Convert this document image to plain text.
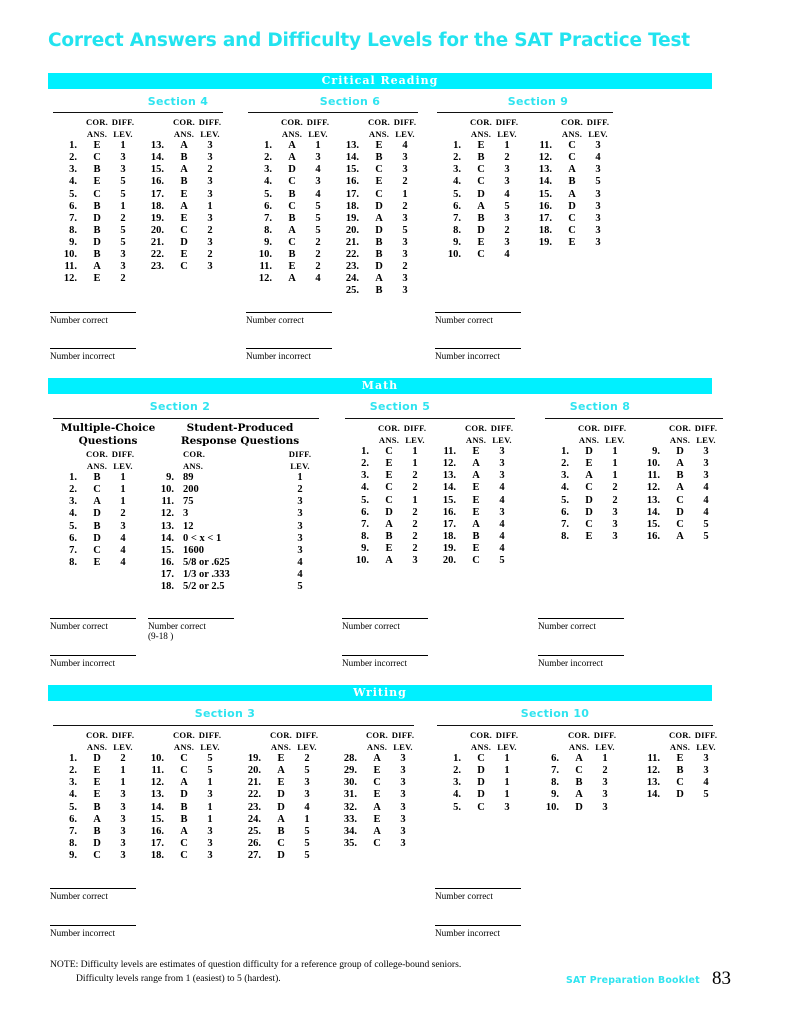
Correct Answers and Difficulty Levels for the SAT Practice Test
Critical Reading
Section 4	Section 6	Section 9
COR. DIFF.
ANS. LEV.
1. E 1
2. C 3
3. B 3
4. E 5
5. C 5
6. B 1
7. D 2
8. B 5
9. D 5
10. B 3
11. A 3
12. E 2
COR. DIFF.
ANS. LEV.
13. A 3
14. B 3
15. A 2
16. B 3
17. E 3
18. A 1
19. E 3
20. C 2
21. D 3
22. E 2
23. C 3
COR. DIFF.
ANS. LEV.
1. A 1
2. A 3
3. D 4
4. C 3
5. B 4
6. C 5
7. B 5
8. A 5
9. C 2
10. B 2
11. E 2
12. A 4
COR. DIFF.
ANS. LEV.
13. E 4
14. B 3
15. C 3
16. E 2
17. C 1
18. D 2
19. A 3
20. D 5
21. B 3
22. B 3
23. D 2
24. A 3
25. B 3
COR. DIFF.
ANS. LEV.
1. E 1
2. B 2
3. C 3
4. C 3
5. D 4
6. A 5
7. B 3
8. D 2
9. E 3
10. C 4
COR. DIFF.
ANS. LEV.
11. C 3
12. C 4
13. A 3
14. B 5
15. A 3
16. D 3
17. C 3
18. C 3
19. E 3
Number correct	Number correct	Number correct
Number incorrect	Number incorrect	Number incorrect
Math
Section 2	Section 5	Section 8
Multiple-Choice
Questions
Student-Produced
Response Questions
COR. DIFF.
ANS. LEV.
1. B 1
2. C 1
3. A 1
4. D 2
5. B 3
6. D 4
7. C 4
8. E 4
COR.	DIFF.
ANS.	LEV.
9. 89	1
10. 200	2
11. 75	3
12. 3	3
13. 12	3
14. 0 < x < 1	3
15. 1600	3
16. 5/8 or .625	4
17. 1/3 or .333	4
18. 5/2 or 2.5	5
COR. DIFF.
ANS. LEV.
1. C 1
2. E 1
3. E 2
4. C 2
5. C 1
6. D 2
7. A 2
8. B 2
9. E 2
10. A 3
COR. DIFF.
ANS. LEV.
11. E 3
12. A 3
13. A 3
14. E 4
15. E 4
16. E 3
17. A 4
18. B 4
19. E 4
20. C 5
COR. DIFF.
ANS. LEV.
1. D 1
2. E 1
3. A 1
4. C 2
5. D 2
6. D 3
7. C 3
8. E 3
COR. DIFF.
ANS. LEV.
9. D 3
10. A 3
11. B 3
12. A 4
13. C 4
14. D 4
15. C 5
16. A 5
Number correct	Number correct
(9-18 )
Number correct	Number correct
Number incorrect	Number incorrect	Number incorrect
Writing
Section 3	Section 10
COR. DIFF.
ANS. LEV.
1. D 2
2. E 1
3. E 1
4. E 3
5. B 3
6. A 3
7. B 3
8. D 3
9. C 3
COR. DIFF.
ANS. LEV.
10. C 5
11. C 5
12. A 1
13. D 3
14. B 1
15. B 1
16. A 3
17. C 3
18. C 3
COR. DIFF.
ANS. LEV.
19. E 2
20. A 5
21. E 3
22. D 3
23. D 4
24. A 1
25. B 5
26. C 5
27. D 5
COR. DIFF.
ANS. LEV.
28. A 3
29. E 3
30. C 3
31. E 3
32. A 3
33. E 3
34. A 3
35. C 3
COR. DIFF.
ANS. LEV.
1. C 1
2. D 1
3. D 1
4. D 1
5. C 3
COR. DIFF.
ANS. LEV.
6. A 1
7. C 2
8. B 3
9. A 3
10. D 3
COR. DIFF.
ANS. LEV.
11. E 3
12. B 3
13. C 4
14. D 5
Number correct	Number correct
Number incorrect	Number incorrect
NOTE: Difficulty levels are estimates of question difficulty for a reference group of college-bound seniors.
Difficulty levels range from 1 (easiest) to 5 (hardest).	SAT Preparation Booklet 83
